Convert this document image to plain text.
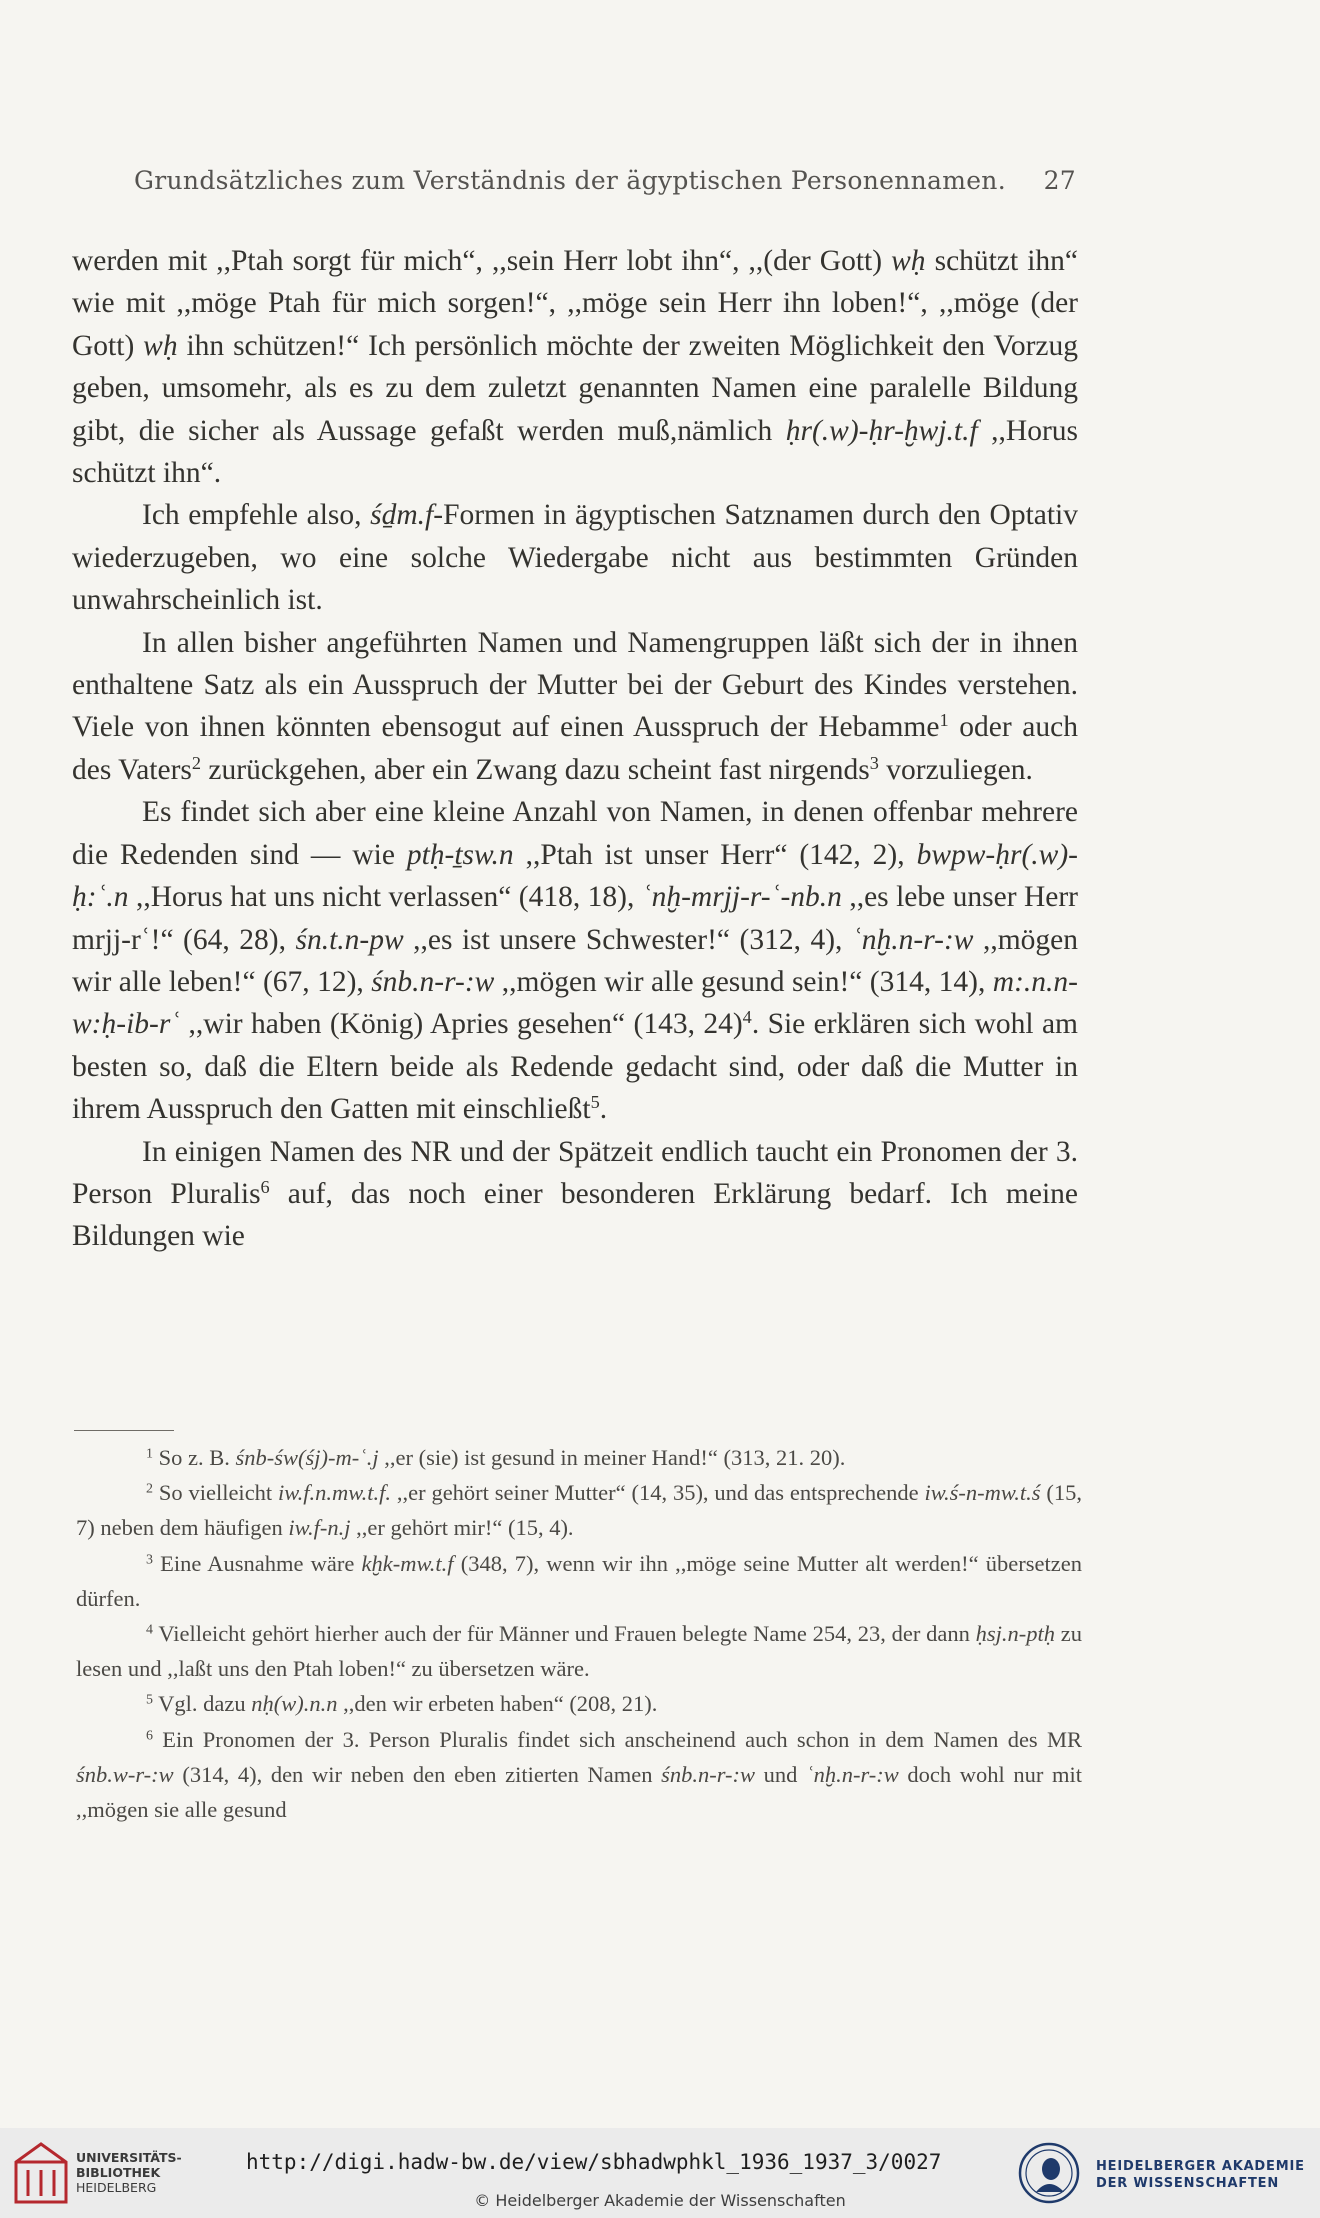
Grundsätzliches zum Verständnis der ägyptischen Personennamen. 27

werden mit ,,Ptah sorgt für mich“, ,,sein Herr lobt ihn“, ,,(der Gott) wḥ schützt ihn“ wie mit ,,möge Ptah für mich sorgen!“, ,,möge sein Herr ihn loben!“, ,,möge (der Gott) wḥ ihn schützen!“ Ich persönlich möchte der zweiten Möglichkeit den Vorzug geben, umsomehr, als es zu dem zuletzt genannten Namen eine paralelle Bildung gibt, die sicher als Aussage gefaßt werden muß,nämlich ḥr(.w)-ḥr-ḫwj.t.f ,,Horus schützt ihn“.

Ich empfehle also, śḏm.f-Formen in ägyptischen Satznamen durch den Optativ wiederzugeben, wo eine solche Wiedergabe nicht aus bestimmten Gründen unwahrscheinlich ist.

In allen bisher angeführten Namen und Namengruppen läßt sich der in ihnen enthaltene Satz als ein Ausspruch der Mutter bei der Geburt des Kindes verstehen. Viele von ihnen könnten ebensogut auf einen Ausspruch der Hebamme$^1$ oder auch des Vaters$^2$ zurückgehen, aber ein Zwang dazu scheint fast nirgends$^3$ vorzuliegen.

Es findet sich aber eine kleine Anzahl von Namen, in denen offenbar mehrere die Redenden sind — wie ptḥ-ṯsw.n ,,Ptah ist unser Herr“ (142, 2), bwpw-ḥr(.w)-ḥ:ʿ.n ,,Horus hat uns nicht verlassen“ (418, 18), ʿnḫ-mrjj-r-ʿ-nb.n ,,es lebe unser Herr mrjj-rʿ!“ (64, 28), śn.t.n-pw ,,es ist unsere Schwester!“ (312, 4), ʿnḫ.n-r-:w ,,mögen wir alle leben!“ (67, 12), śnb.n-r-:w ,,mögen wir alle gesund sein!“ (314, 14), m:.n.n-w:ḥ-ib-rʿ ,,wir haben (König) Apries gesehen“ (143, 24)$^4$. Sie erklären sich wohl am besten so, daß die Eltern beide als Redende gedacht sind, oder daß die Mutter in ihrem Ausspruch den Gatten mit einschließt$^5$.

In einigen Namen des NR und der Spätzeit endlich taucht ein Pronomen der 3. Person Pluralis$^6$ auf, das noch einer besonderen Erklärung bedarf. Ich meine Bildungen wie

$^1$ So z. B. śnb-św(śj)-m-ʿ.j ,,er (sie) ist gesund in meiner Hand!“ (313, 21. 20).

$^2$ So vielleicht iw.f.n.mw.t.f. ,,er gehört seiner Mutter“ (14, 35), und das entsprechende iw.ś-n-mw.t.ś (15, 7) neben dem häufigen iw.f-n.j ,,er gehört mir!“ (15, 4).

$^3$ Eine Ausnahme wäre kḫk-mw.t.f (348, 7), wenn wir ihn ,,möge seine Mutter alt werden!“ übersetzen dürfen.

$^4$ Vielleicht gehört hierher auch der für Männer und Frauen belegte Name 254, 23, der dann ḥsj.n-ptḥ zu lesen und ,,laßt uns den Ptah loben!“ zu übersetzen wäre.

$^5$ Vgl. dazu nḥ(w).n.n ,,den wir erbeten haben“ (208, 21).

$^6$ Ein Pronomen der 3. Person Pluralis findet sich anscheinend auch schon in dem Namen des MR śnb.w-r-:w (314, 4), den wir neben den eben zitierten Namen śnb.n-r-:w und ʿnḫ.n-r-:w doch wohl nur mit ,,mögen sie alle gesund

UNIVERSITÄTS-
BIBLIOTHEK
HEIDELBERG
http://digi.hadw-bw.de/view/sbhadwphkl_1936_1937_3/0027
© Heidelberger Akademie der Wissenschaften
HEIDELBERGER AKADEMIE
DER WISSENSCHAFTEN
